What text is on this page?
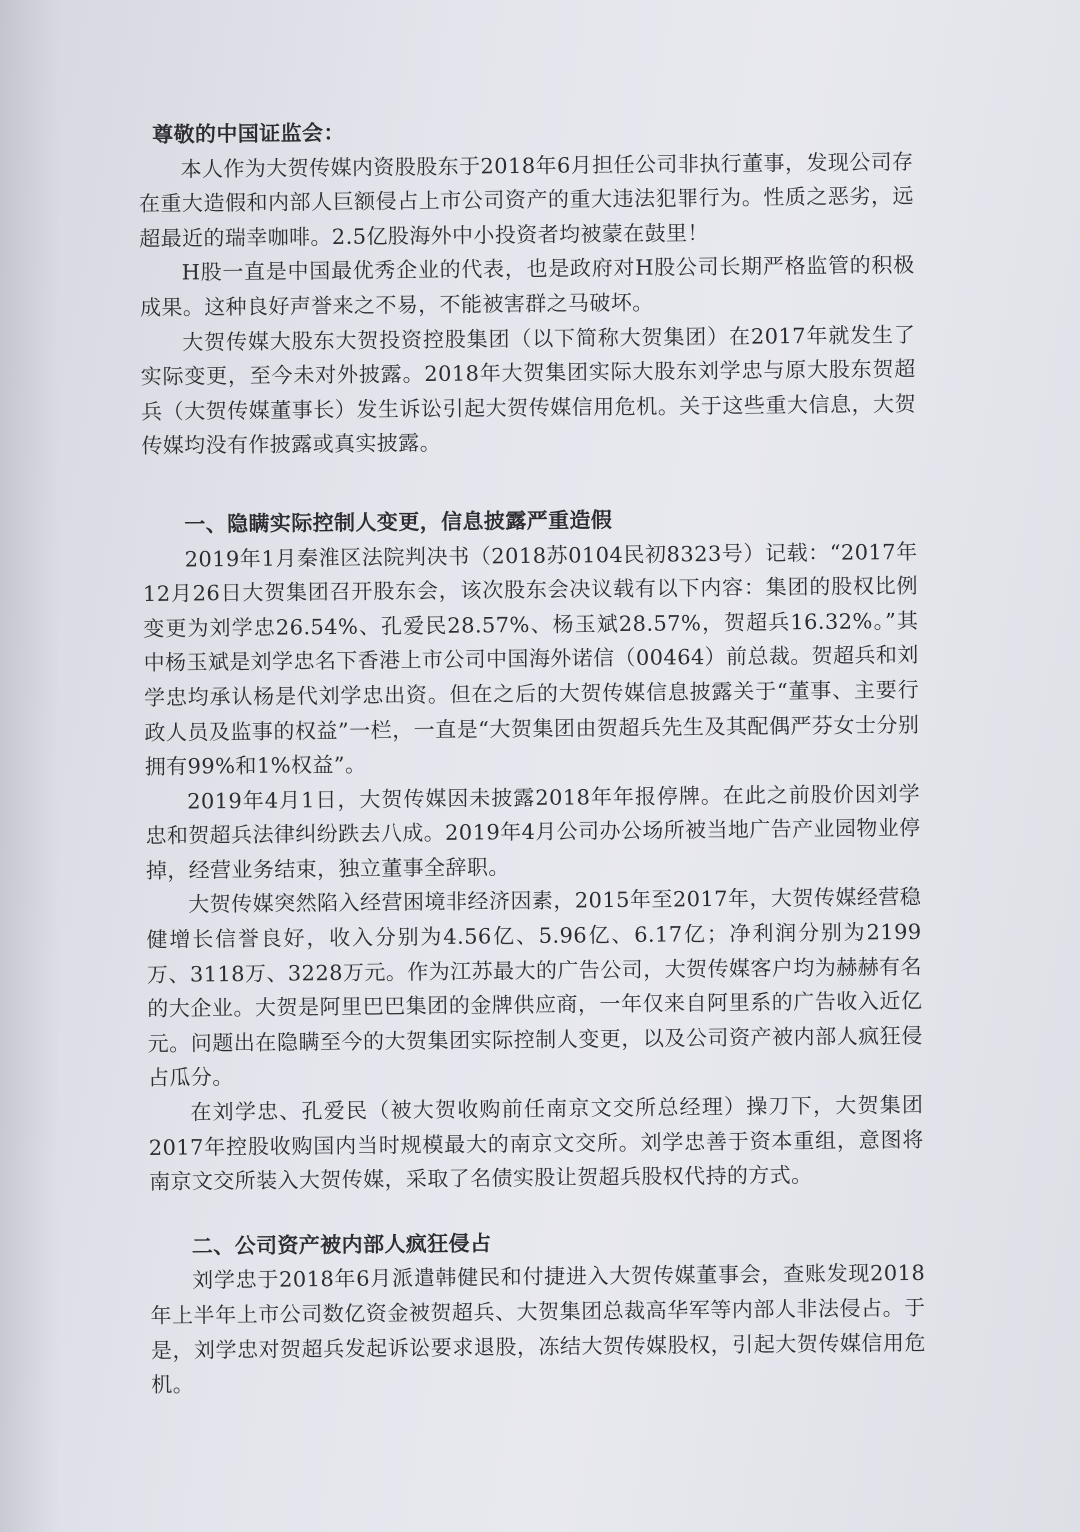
尊敬的中国证监会：

本人作为大贺传媒内资股股东于2018年6月担任公司非执行董事，发现公司存在重大造假和内部人巨额侵占上市公司资产的重大违法犯罪行为。性质之恶劣，远超最近的瑞幸咖啡。2.5亿股海外中小投资者均被蒙在鼓里！

H股一直是中国最优秀企业的代表，也是政府对H股公司长期严格监管的积极成果。这种良好声誉来之不易，不能被害群之马破坏。

大贺传媒大股东大贺投资控股集团（以下简称大贺集团）在2017年就发生了实际变更，至今未对外披露。2018年大贺集团实际大股东刘学忠与原大股东贺超兵（大贺传媒董事长）发生诉讼引起大贺传媒信用危机。关于这些重大信息，大贺传媒均没有作披露或真实披露。

一、隐瞒实际控制人变更，信息披露严重造假

2019年1月秦淮区法院判决书（2018苏0104民初8323号）记载：“2017年12月26日大贺集团召开股东会，该次股东会决议载有以下内容：集团的股权比例变更为刘学忠26.54%、孔爱民28.57%、杨玉斌28.57%，贺超兵16.32%。”其中杨玉斌是刘学忠名下香港上市公司中国海外诺信（00464）前总裁。贺超兵和刘学忠均承认杨是代刘学忠出资。但在之后的大贺传媒信息披露关于“董事、主要行政人员及监事的权益”一栏，一直是“大贺集团由贺超兵先生及其配偶严芬女士分别拥有99%和1%权益”。

2019年4月1日，大贺传媒因未披露2018年年报停牌。在此之前股价因刘学忠和贺超兵法律纠纷跌去八成。2019年4月公司办公场所被当地广告产业园物业停掉，经营业务结束，独立董事全辞职。

大贺传媒突然陷入经营困境非经济因素，2015年至2017年，大贺传媒经营稳健增长信誉良好，收入分别为4.56亿、5.96亿、6.17亿；净利润分别为2199万、3118万、3228万元。作为江苏最大的广告公司，大贺传媒客户均为赫赫有名的大企业。大贺是阿里巴巴集团的金牌供应商，一年仅来自阿里系的广告收入近亿元。问题出在隐瞒至今的大贺集团实际控制人变更，以及公司资产被内部人疯狂侵占瓜分。

在刘学忠、孔爱民（被大贺收购前任南京文交所总经理）操刀下，大贺集团2017年控股收购国内当时规模最大的南京文交所。刘学忠善于资本重组，意图将南京文交所装入大贺传媒，采取了名债实股让贺超兵股权代持的方式。

二、公司资产被内部人疯狂侵占

刘学忠于2018年6月派遣韩健民和付捷进入大贺传媒董事会，查账发现2018年上半年上市公司数亿资金被贺超兵、大贺集团总裁高华军等内部人非法侵占。于是，刘学忠对贺超兵发起诉讼要求退股，冻结大贺传媒股权，引起大贺传媒信用危机。
